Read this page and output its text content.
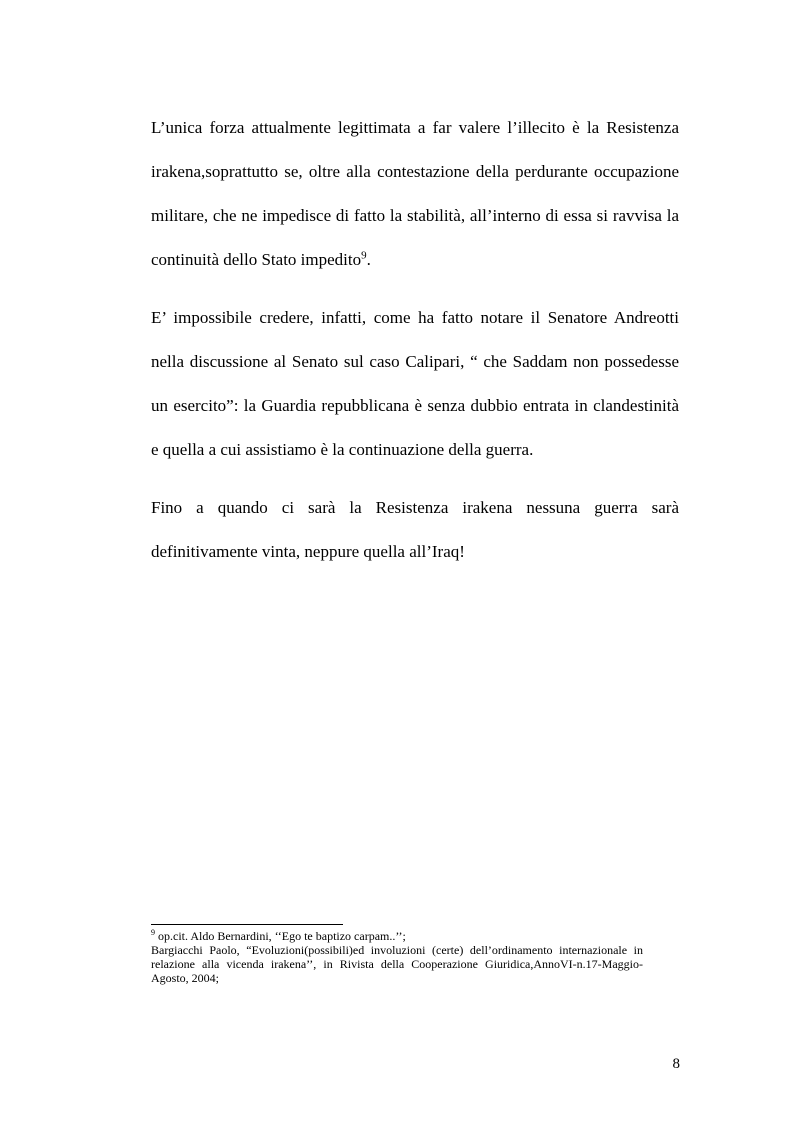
L’unica forza attualmente legittimata a far valere l’illecito è la Resistenza irakena,soprattutto se, oltre alla contestazione della perdurante occupazione militare, che ne impedisce di fatto la stabilità, all’interno di essa si ravvisa la continuità dello Stato impedito$^9$.

E’ impossibile credere, infatti, come ha fatto notare il Senatore Andreotti nella discussione al Senato sul caso Calipari, “ che Saddam non possedesse un esercito”: la Guardia repubblicana è senza dubbio entrata in clandestinità e quella a cui assistiamo è la continuazione della guerra.

Fino a quando ci sarà la Resistenza irakena nessuna guerra sarà definitivamente vinta, neppure quella all’Iraq!

$^9$ op.cit. Aldo Bernardini, ‘‘Ego te baptizo carpam..’’;

Bargiacchi Paolo, “Evoluzioni(possibili)ed involuzioni (certe) dell’ordinamento internazionale in relazione alla vicenda irakena’’, in Rivista della Cooperazione Giuridica,AnnoVI-n.17-Maggio-Agosto, 2004;

8
